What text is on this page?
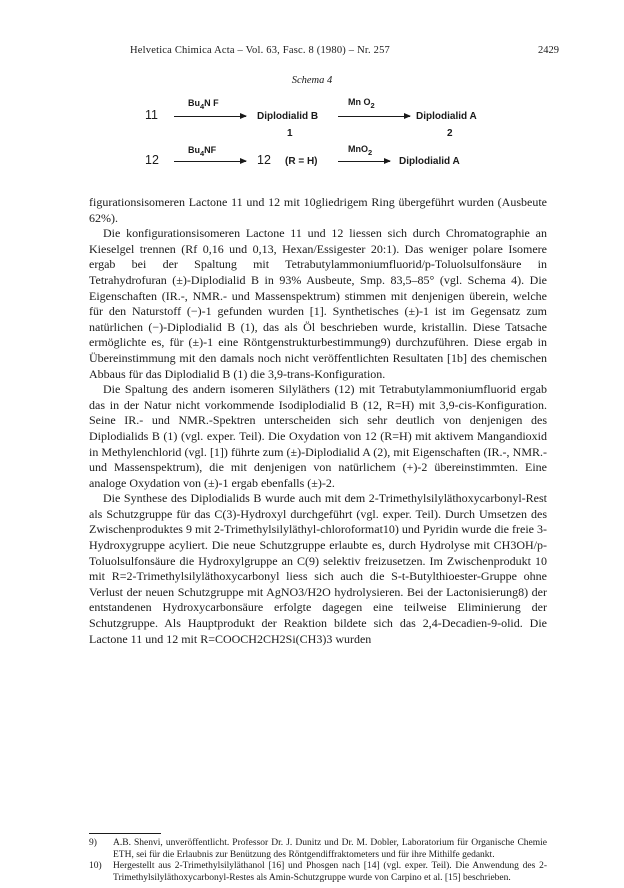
Helvetica Chimica Acta – Vol. 63, Fasc. 8 (1980) – Nr. 257	2429
Schema 4
11
$Bu_4N$ F
Diplodialid B
1
Mn $O_2$
Diplodialid A
2
12
$Bu_4NF$
12 (R = H)
MnO$_2$
Diplodialid A

figurationsisomeren Lactone 11 und 12 mit 10gliedrigem Ring übergeführt wurden (Ausbeute 62%).

Die konfigurationsisomeren Lactone 11 und 12 liessen sich durch Chromatographie an Kieselgel trennen (Rf 0,16 und 0,13, Hexan/Essigester 20:1). Das weniger polare Isomere ergab bei der Spaltung mit Tetrabutylammoniumfluorid/p-Toluolsulfonsäure in Tetrahydrofuran (±)-Diplodialid B in 93% Ausbeute, Smp. 83,5–85° (vgl. Schema 4). Die Eigenschaften (IR.-, NMR.- und Massenspektrum) stimmen mit denjenigen überein, welche für den Naturstoff (−)-1 gefunden wurden [1]. Synthetisches (±)-1 ist im Gegensatz zum natürlichen (−)-Diplodialid B (1), das als Öl beschrieben wurde, kristallin. Diese Tatsache ermöglichte es, für (±)-1 eine Röntgenstrukturbestimmung9) durchzuführen. Diese ergab in Übereinstimmung mit den damals noch nicht veröffentlichten Resultaten [1b] des chemischen Abbaus für das Diplodialid B (1) die 3,9-trans-Konfiguration.

Die Spaltung des andern isomeren Silyläthers (12) mit Tetrabutylammoniumfluorid ergab das in der Natur nicht vorkommende Isodiplodialid B (12, R=H) mit 3,9-cis-Konfiguration. Seine IR.- und NMR.-Spektren unterscheiden sich sehr deutlich von denjenigen des Diplodialids B (1) (vgl. exper. Teil). Die Oxydation von 12 (R=H) mit aktivem Mangandioxid in Methylenchlorid (vgl. [1]) führte zum (±)-Diplodialid A (2), mit Eigenschaften (IR.-, NMR.- und Massenspektrum), die mit denjenigen von natürlichem (+)-2 übereinstimmten. Eine analoge Oxydation von (±)-1 ergab ebenfalls (±)-2.

Die Synthese des Diplodialids B wurde auch mit dem 2-Trimethylsilyläthoxycarbonyl-Rest als Schutzgruppe für das C(3)-Hydroxyl durchgeführt (vgl. exper. Teil). Durch Umsetzen des Zwischenproduktes 9 mit 2-Trimethylsilyläthyl-chloroformat10) und Pyridin wurde die freie 3-Hydroxygruppe acyliert. Die neue Schutzgruppe erlaubte es, durch Hydrolyse mit CH3OH/p-Toluolsulfonsäure die Hydroxylgruppe an C(9) selektiv freizusetzen. Im Zwischenprodukt 10 mit R=2-Trimethylsilyläthoxycarbonyl liess sich auch die S-t-Butylthioester-Gruppe ohne Verlust der neuen Schutzgruppe mit AgNO3/H2O hydrolysieren. Bei der Lactonisierung8) der entstandenen Hydroxycarbonsäure erfolgte dagegen eine teilweise Eliminierung der Schutzgruppe. Als Hauptprodukt der Reaktion bildete sich das 2,4-Decadien-9-olid. Die Lactone 11 und 12 mit R=COOCH2CH2Si(CH3)3 wurden

9) A.B. Shenvi, unveröffentlicht. Professor Dr. J. Dunitz und Dr. M. Dobler, Laboratorium für Organische Chemie ETH, sei für die Erlaubnis zur Benützung des Röntgendiffraktometers und für ihre Mithilfe gedankt.

10) Hergestellt aus 2-Trimethylsilyläthanol [16] und Phosgen nach [14] (vgl. exper. Teil). Die Anwendung des 2-Trimethylsilyläthoxycarbonyl-Restes als Amin-Schutzgruppe wurde von Carpino et al. [15] beschrieben.
